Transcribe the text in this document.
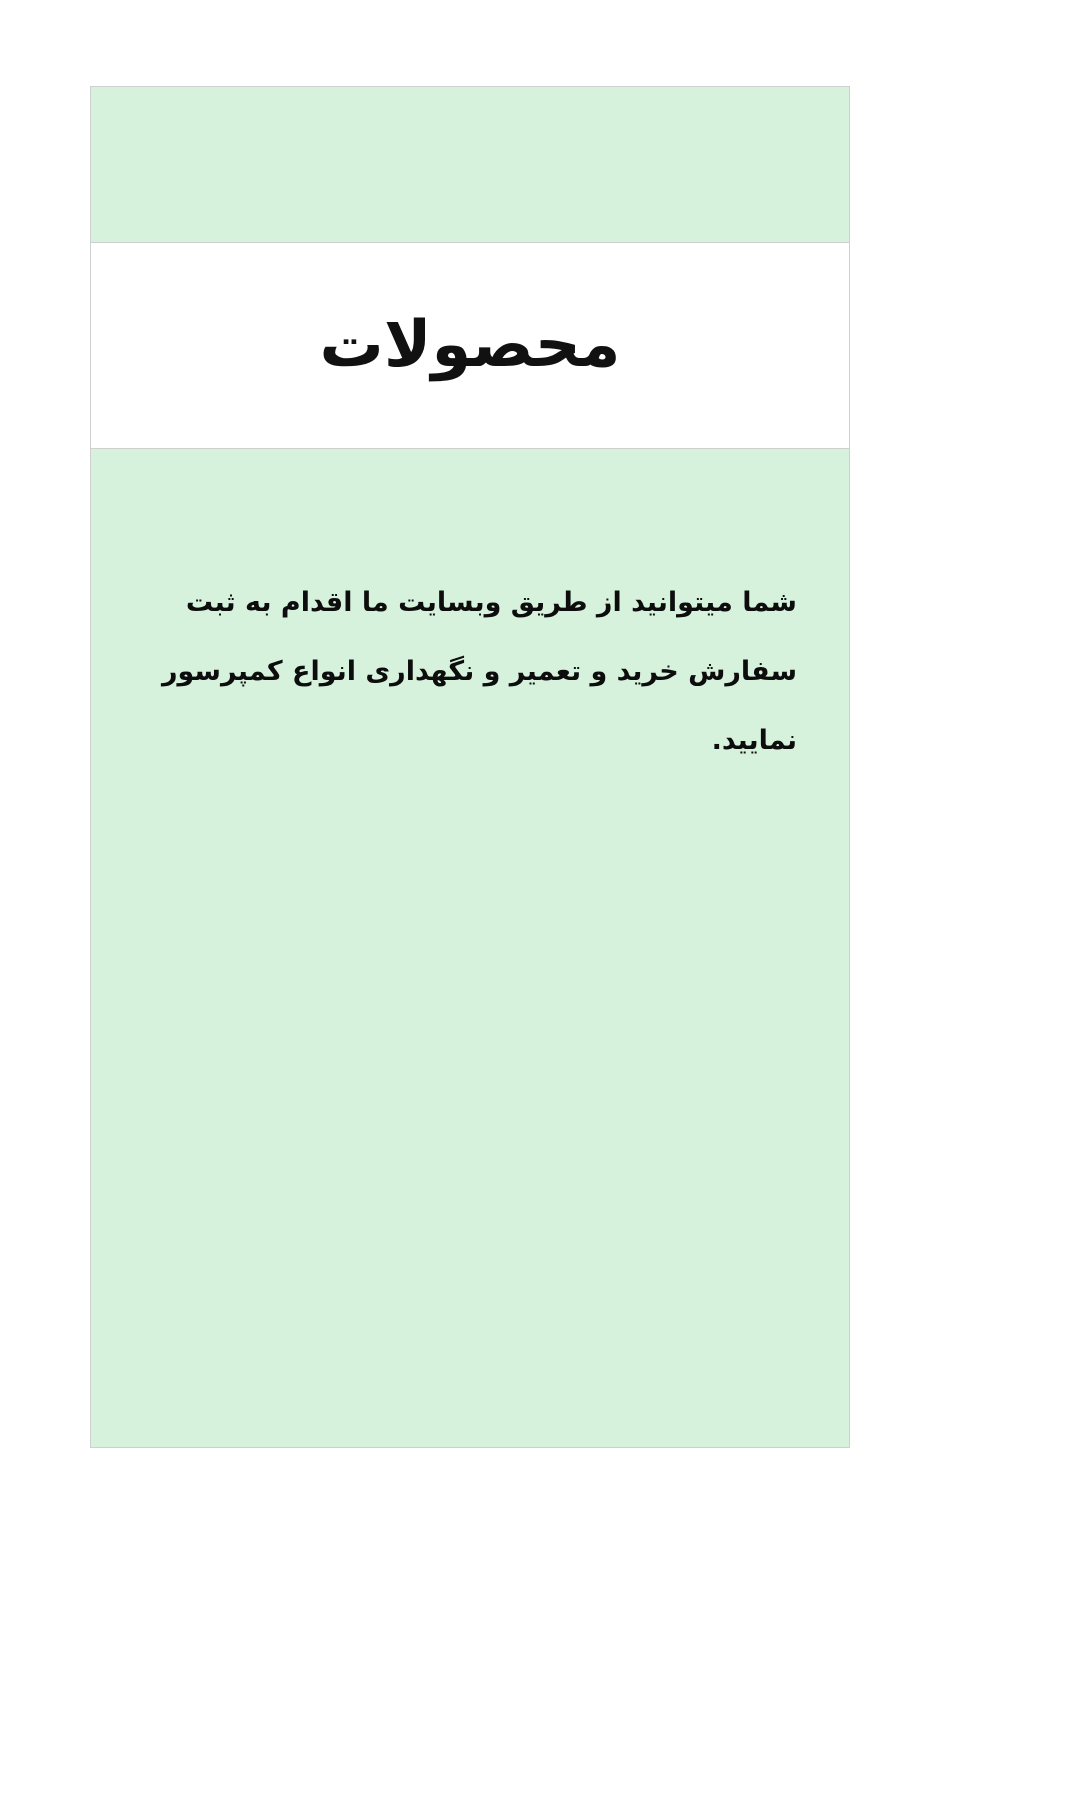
محصولات

شما میتوانید از طریق وبسایت ما اقدام به ثبت سفارش خرید و تعمیر و نگهداری انواع کمپرسور نمایید.
